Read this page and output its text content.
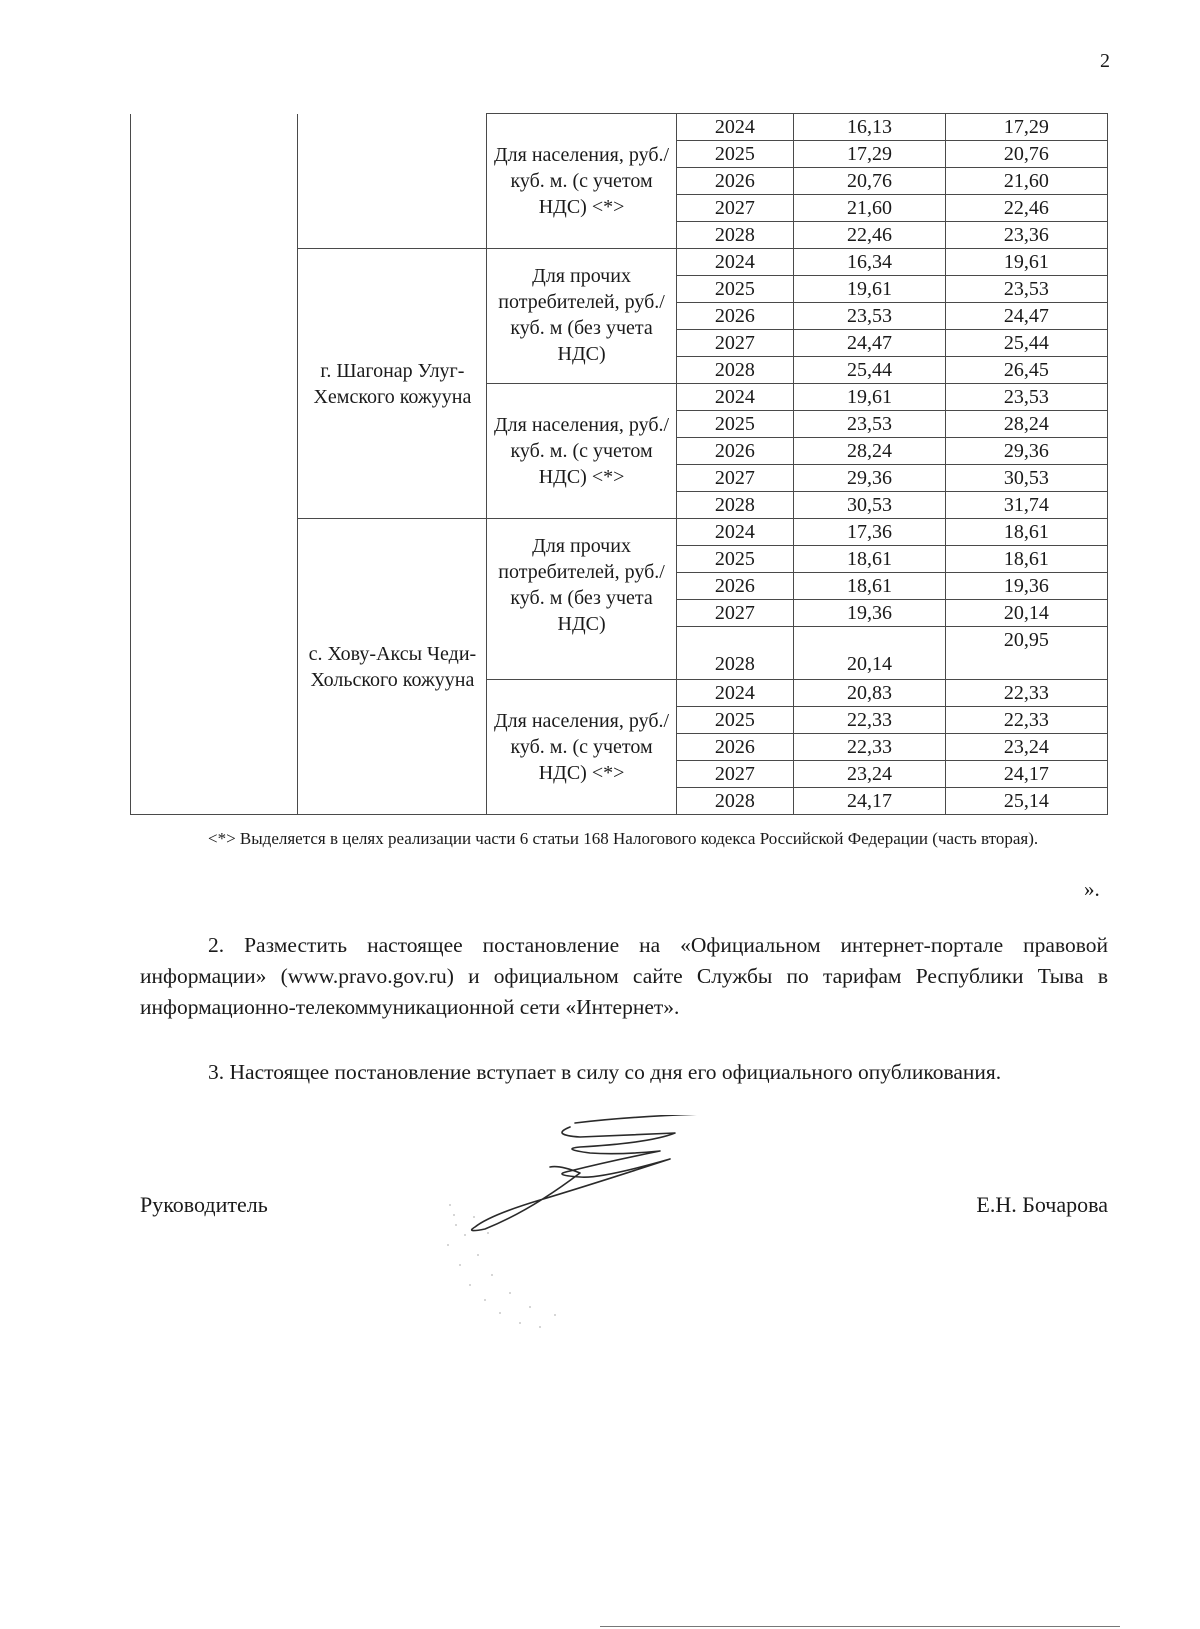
2
		Для населения, руб./куб. м. (с учетом НДС) <*>	2024	16,13	17,29
			2025	17,29	20,76
			2026	20,76	21,60
			2027	21,60	22,46
			2028	22,46	23,36
	г. Шагонар Улуг-Хемского кожууна	Для прочих потребителей, руб./куб. м (без учета НДС)	2024	16,34	19,61
			2025	19,61	23,53
			2026	23,53	24,47
			2027	24,47	25,44
			2028	25,44	26,45
		Для населения, руб./куб. м. (с учетом НДС) <*>	2024	19,61	23,53
			2025	23,53	28,24
			2026	28,24	29,36
			2027	29,36	30,53
			2028	30,53	31,74
	с. Хову-Аксы Чеди-Хольского кожууна	Для прочих потребителей, руб./куб. м (без учета НДС)	2024	17,36	18,61
			2025	18,61	18,61
			2026	18,61	19,36
			2027	19,36	20,14
			2028	20,14	20,95
		Для населения, руб./куб. м. (с учетом НДС) <*>	2024	20,83	22,33
			2025	22,33	22,33
			2026	22,33	23,24
			2027	23,24	24,17
			2028	24,17	25,14
<*> Выделяется в целях реализации части 6 статьи 168 Налогового кодекса Российской Федерации (часть вторая).
».

2. Разместить настоящее постановление на «Официальном интернет-портале правовой информации» (www.pravo.gov.ru) и официальном сайте Службы по тарифам Республики Тыва в информационно-телекоммуникационной сети «Интернет».

3. Настоящее постановление вступает в силу со дня его официального опубликования.

Руководитель	Е.Н. Бочарова
